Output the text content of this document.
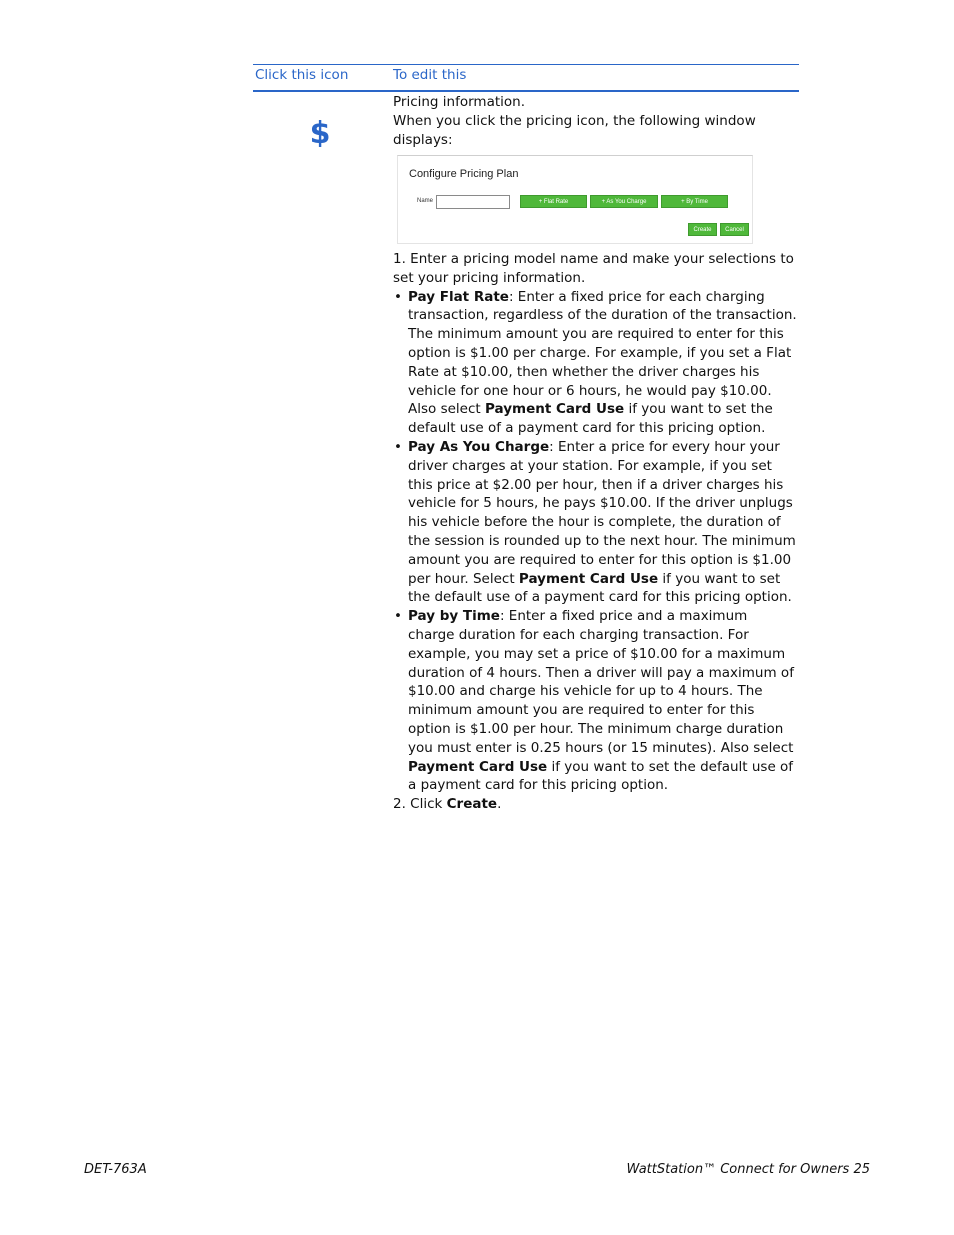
Click this icon	To edit this
$

Pricing information.

When you click the pricing icon, the following window displays:

Configure Pricing Plan
Name	+ Flat Rate	+ As You Charge	+ By Time
Create	Cancel

1. Enter a pricing model name and make your selections to set your pricing information.

• Pay Flat Rate: Enter a fixed price for each charging transaction, regardless of the duration of the transaction. The minimum amount you are required to enter for this option is $1.00 per charge. For example, if you set a Flat Rate at $10.00, then whether the driver charges his vehicle for one hour or 6 hours, he would pay $10.00. Also select Payment Card Use if you want to set the default use of a payment card for this pricing option.
• Pay As You Charge: Enter a price for every hour your driver charges at your station. For example, if you set this price at $2.00 per hour, then if a driver charges his vehicle for 5 hours, he pays $10.00. If the driver unplugs his vehicle before the hour is complete, the duration of the session is rounded up to the next hour. The minimum amount you are required to enter for this option is $1.00 per hour. Select Payment Card Use if you want to set the default use of a payment card for this pricing option.
• Pay by Time: Enter a fixed price and a maximum charge duration for each charging transaction. For example, you may set a price of $10.00 for a maximum duration of 4 hours. Then a driver will pay a maximum of $10.00 and charge his vehicle for up to 4 hours. The minimum amount you are required to enter for this option is $1.00 per hour. The minimum charge duration you must enter is 0.25 hours (or 15 minutes). Also select Payment Card Use if you want to set the default use of a payment card for this pricing option.

2. Click Create.

DET-763A	WattStation™ Connect for Owners 25
